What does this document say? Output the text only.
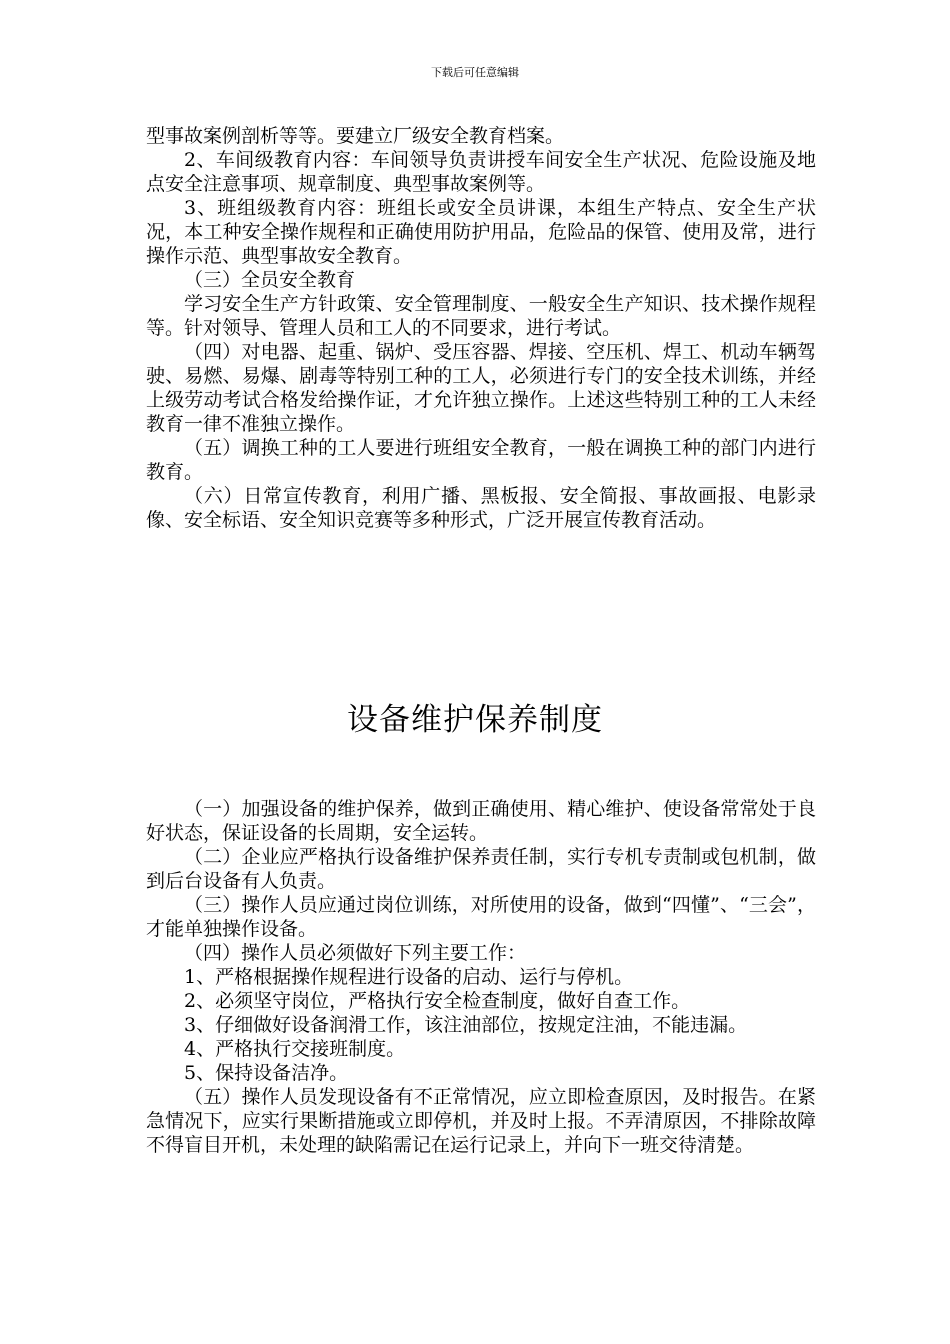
下载后可任意编辑

型事故案例剖析等等。要建立厂级安全教育档案。

2、车间级教育内容：车间领导负责讲授车间安全生产状况、危险设施及地点安全注意事项、规章制度、典型事故案例等。

3、班组级教育内容：班组长或安全员讲课，本组生产特点、安全生产状况，本工种安全操作规程和正确使用防护用品，危险品的保管、使用及常，进行操作示范、典型事故安全教育。

（三）全员安全教育

学习安全生产方针政策、安全管理制度、一般安全生产知识、技术操作规程等。针对领导、管理人员和工人的不同要求，进行考试。

（四）对电器、起重、锅炉、受压容器、焊接、空压机、焊工、机动车辆驾驶、易燃、易爆、剧毒等特别工种的工人，必须进行专门的安全技术训练，并经上级劳动考试合格发给操作证，才允许独立操作。上述这些特别工种的工人未经教育一律不准独立操作。

（五）调换工种的工人要进行班组安全教育，一般在调换工种的部门内进行教育。

（六）日常宣传教育，利用广播、黑板报、安全简报、事故画报、电影录像、安全标语、安全知识竞赛等多种形式，广泛开展宣传教育活动。

设备维护保养制度

（一）加强设备的维护保养，做到正确使用、精心维护、使设备常常处于良好状态，保证设备的长周期，安全运转。

（二）企业应严格执行设备维护保养责任制，实行专机专责制或包机制，做到后台设备有人负责。

（三）操作人员应通过岗位训练，对所使用的设备，做到“四懂”、“三会”，才能单独操作设备。

（四）操作人员必须做好下列主要工作：

1、严格根据操作规程进行设备的启动、运行与停机。

2、必须坚守岗位，严格执行安全检查制度，做好自查工作。

3、仔细做好设备润滑工作，该注油部位，按规定注油，不能违漏。

4、严格执行交接班制度。

5、保持设备洁净。

（五）操作人员发现设备有不正常情况，应立即检查原因，及时报告。在紧急情况下，应实行果断措施或立即停机，并及时上报。不弄清原因，不排除故障不得盲目开机，未处理的缺陷需记在运行记录上，并向下一班交待清楚。
